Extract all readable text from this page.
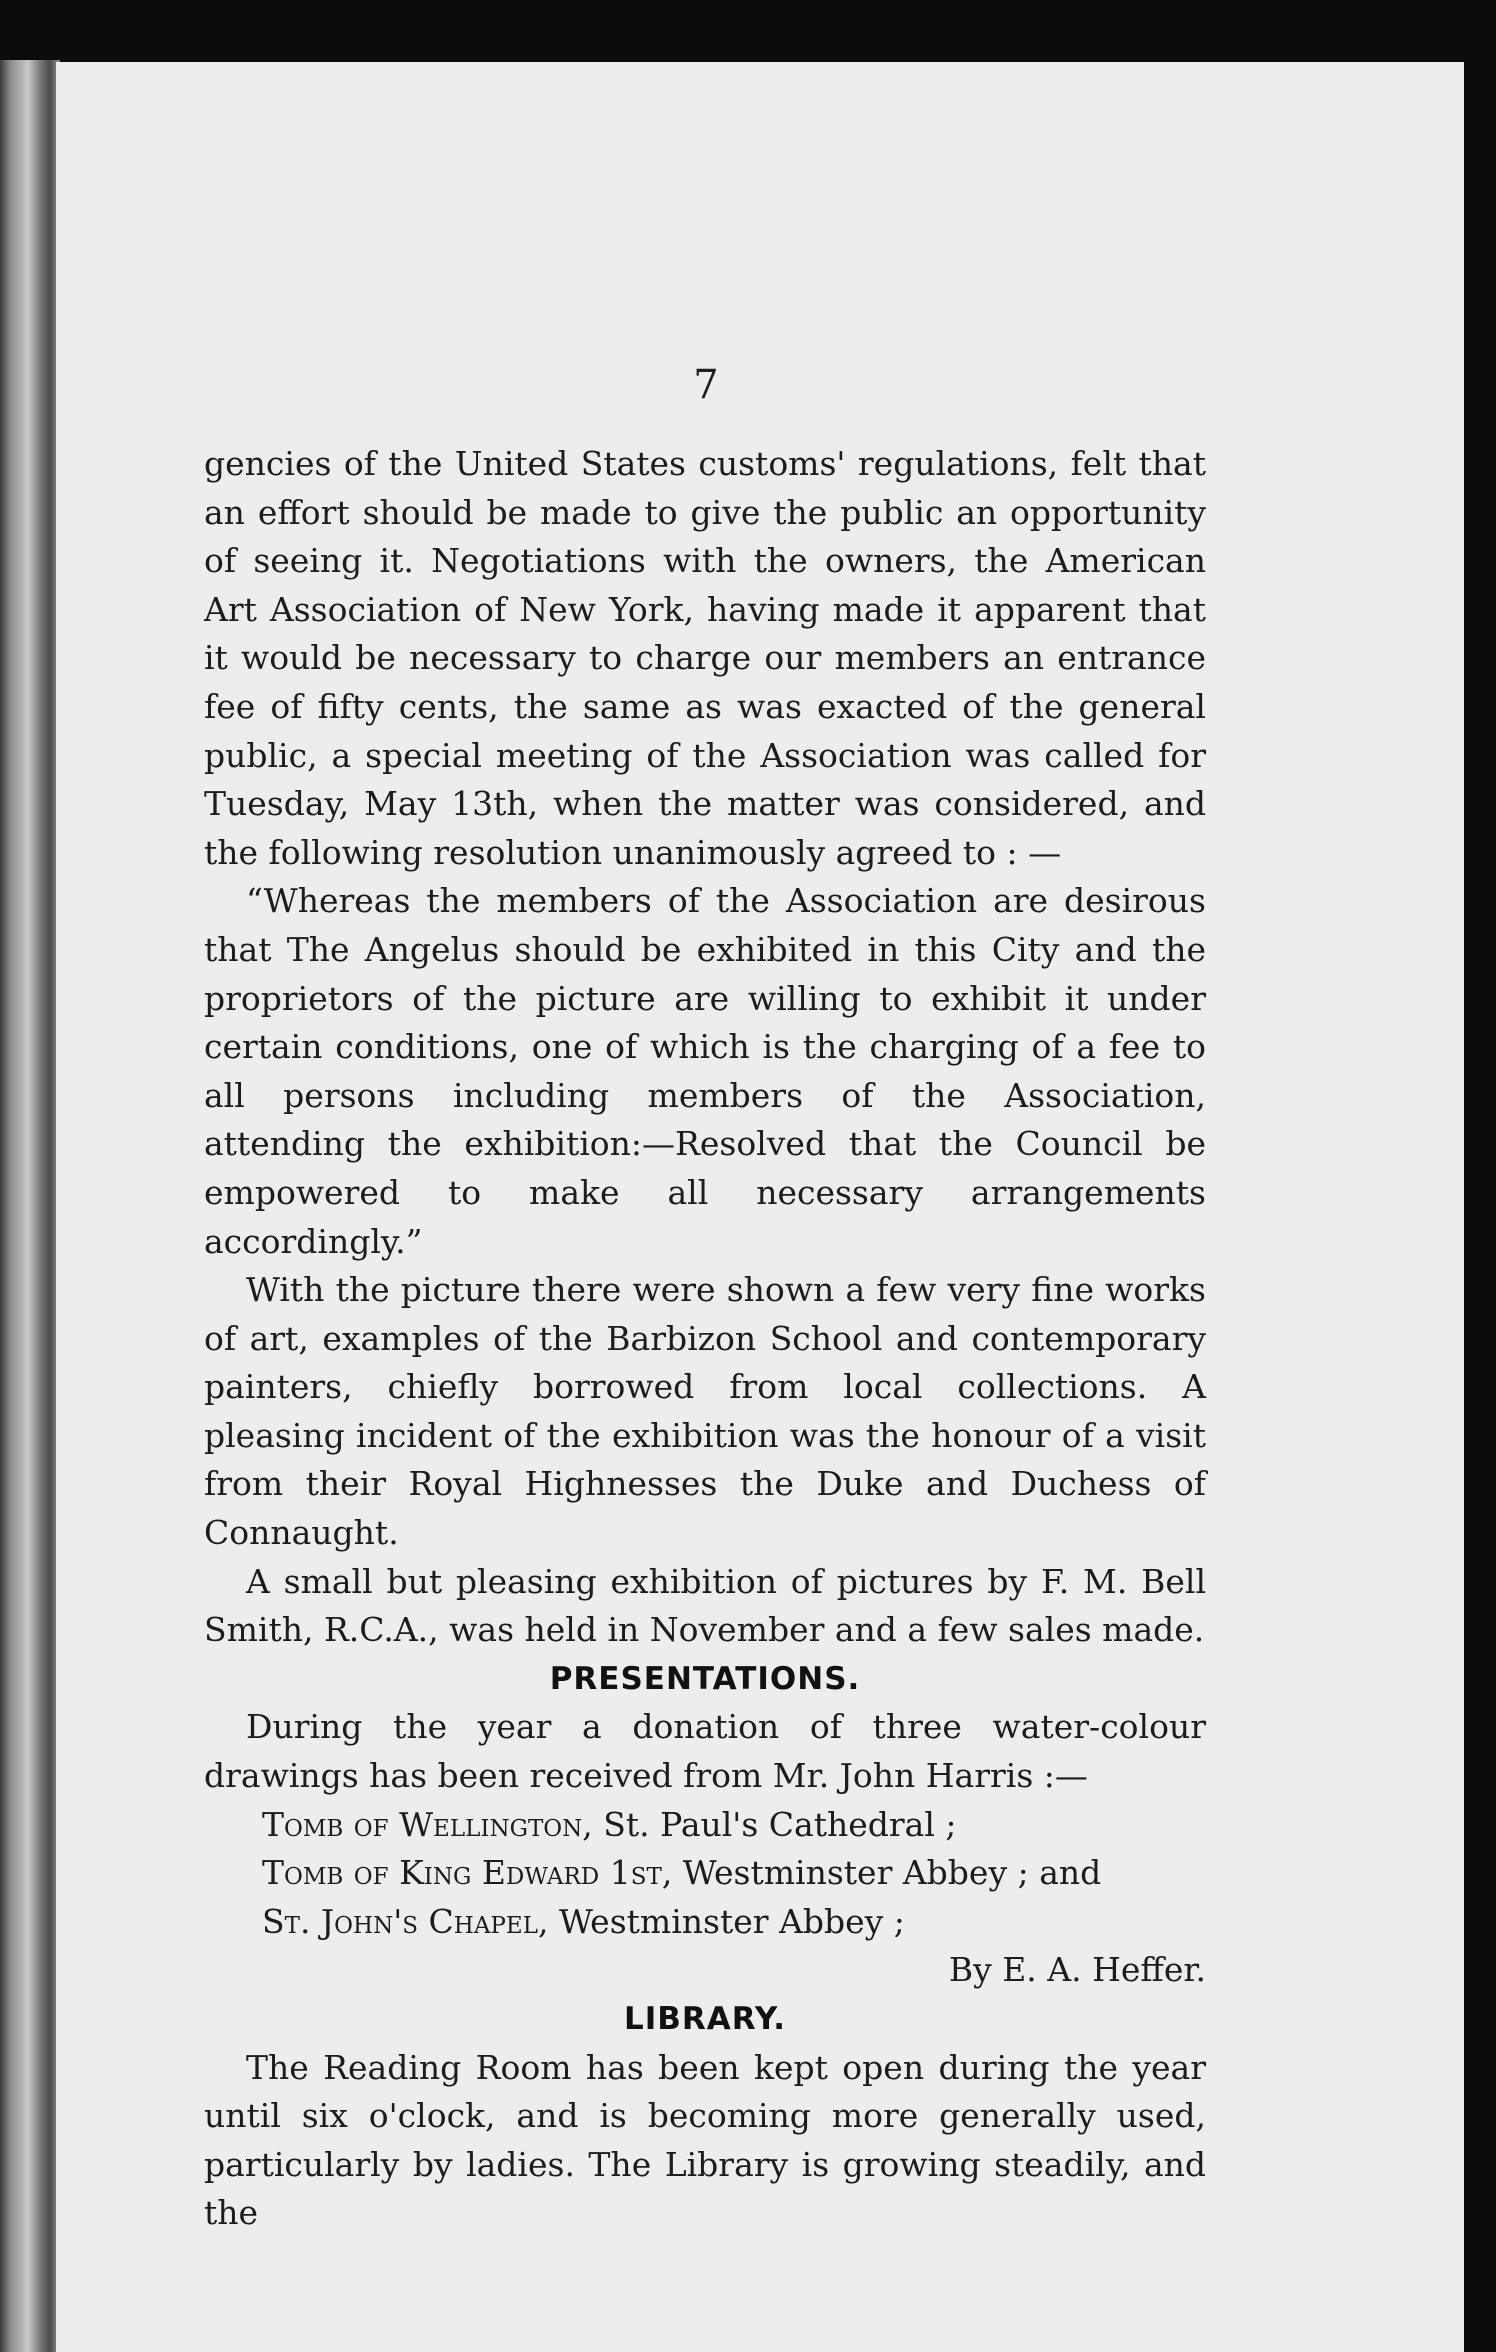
7

gencies of the United States customs' regulations, felt that an effort should be made to give the public an opportunity of seeing it. Negotiations with the owners, the American Art Association of New York, having made it apparent that it would be necessary to charge our members an entrance fee of fifty cents, the same as was exacted of the general public, a special meeting of the Association was called for Tuesday, May 13th, when the matter was considered, and the following resolution unanimously agreed to : —

“Whereas the members of the Association are desirous that The Angelus should be exhibited in this City and the proprietors of the picture are willing to exhibit it under certain conditions, one of which is the charging of a fee to all persons including members of the Association, attending the exhibition:—Resolved that the Council be empowered to make all necessary arrangements accordingly.”

With the picture there were shown a few very fine works of art, examples of the Barbizon School and contemporary painters, chiefly borrowed from local collections. A pleasing incident of the exhibition was the honour of a visit from their Royal Highnesses the Duke and Duchess of Connaught.

A small but pleasing exhibition of pictures by F. M. Bell Smith, R.C.A., was held in November and a few sales made.

PRESENTATIONS.

During the year a donation of three water-colour drawings has been received from Mr. John Harris :—

Tomb of Wellington, St. Paul's Cathedral ;

Tomb of King Edward 1st, Westminster Abbey ; and

St. John's Chapel, Westminster Abbey ;

By E. A. Heffer.

LIBRARY.

The Reading Room has been kept open during the year until six o'clock, and is becoming more generally used, particularly by ladies. The Library is growing steadily, and the
